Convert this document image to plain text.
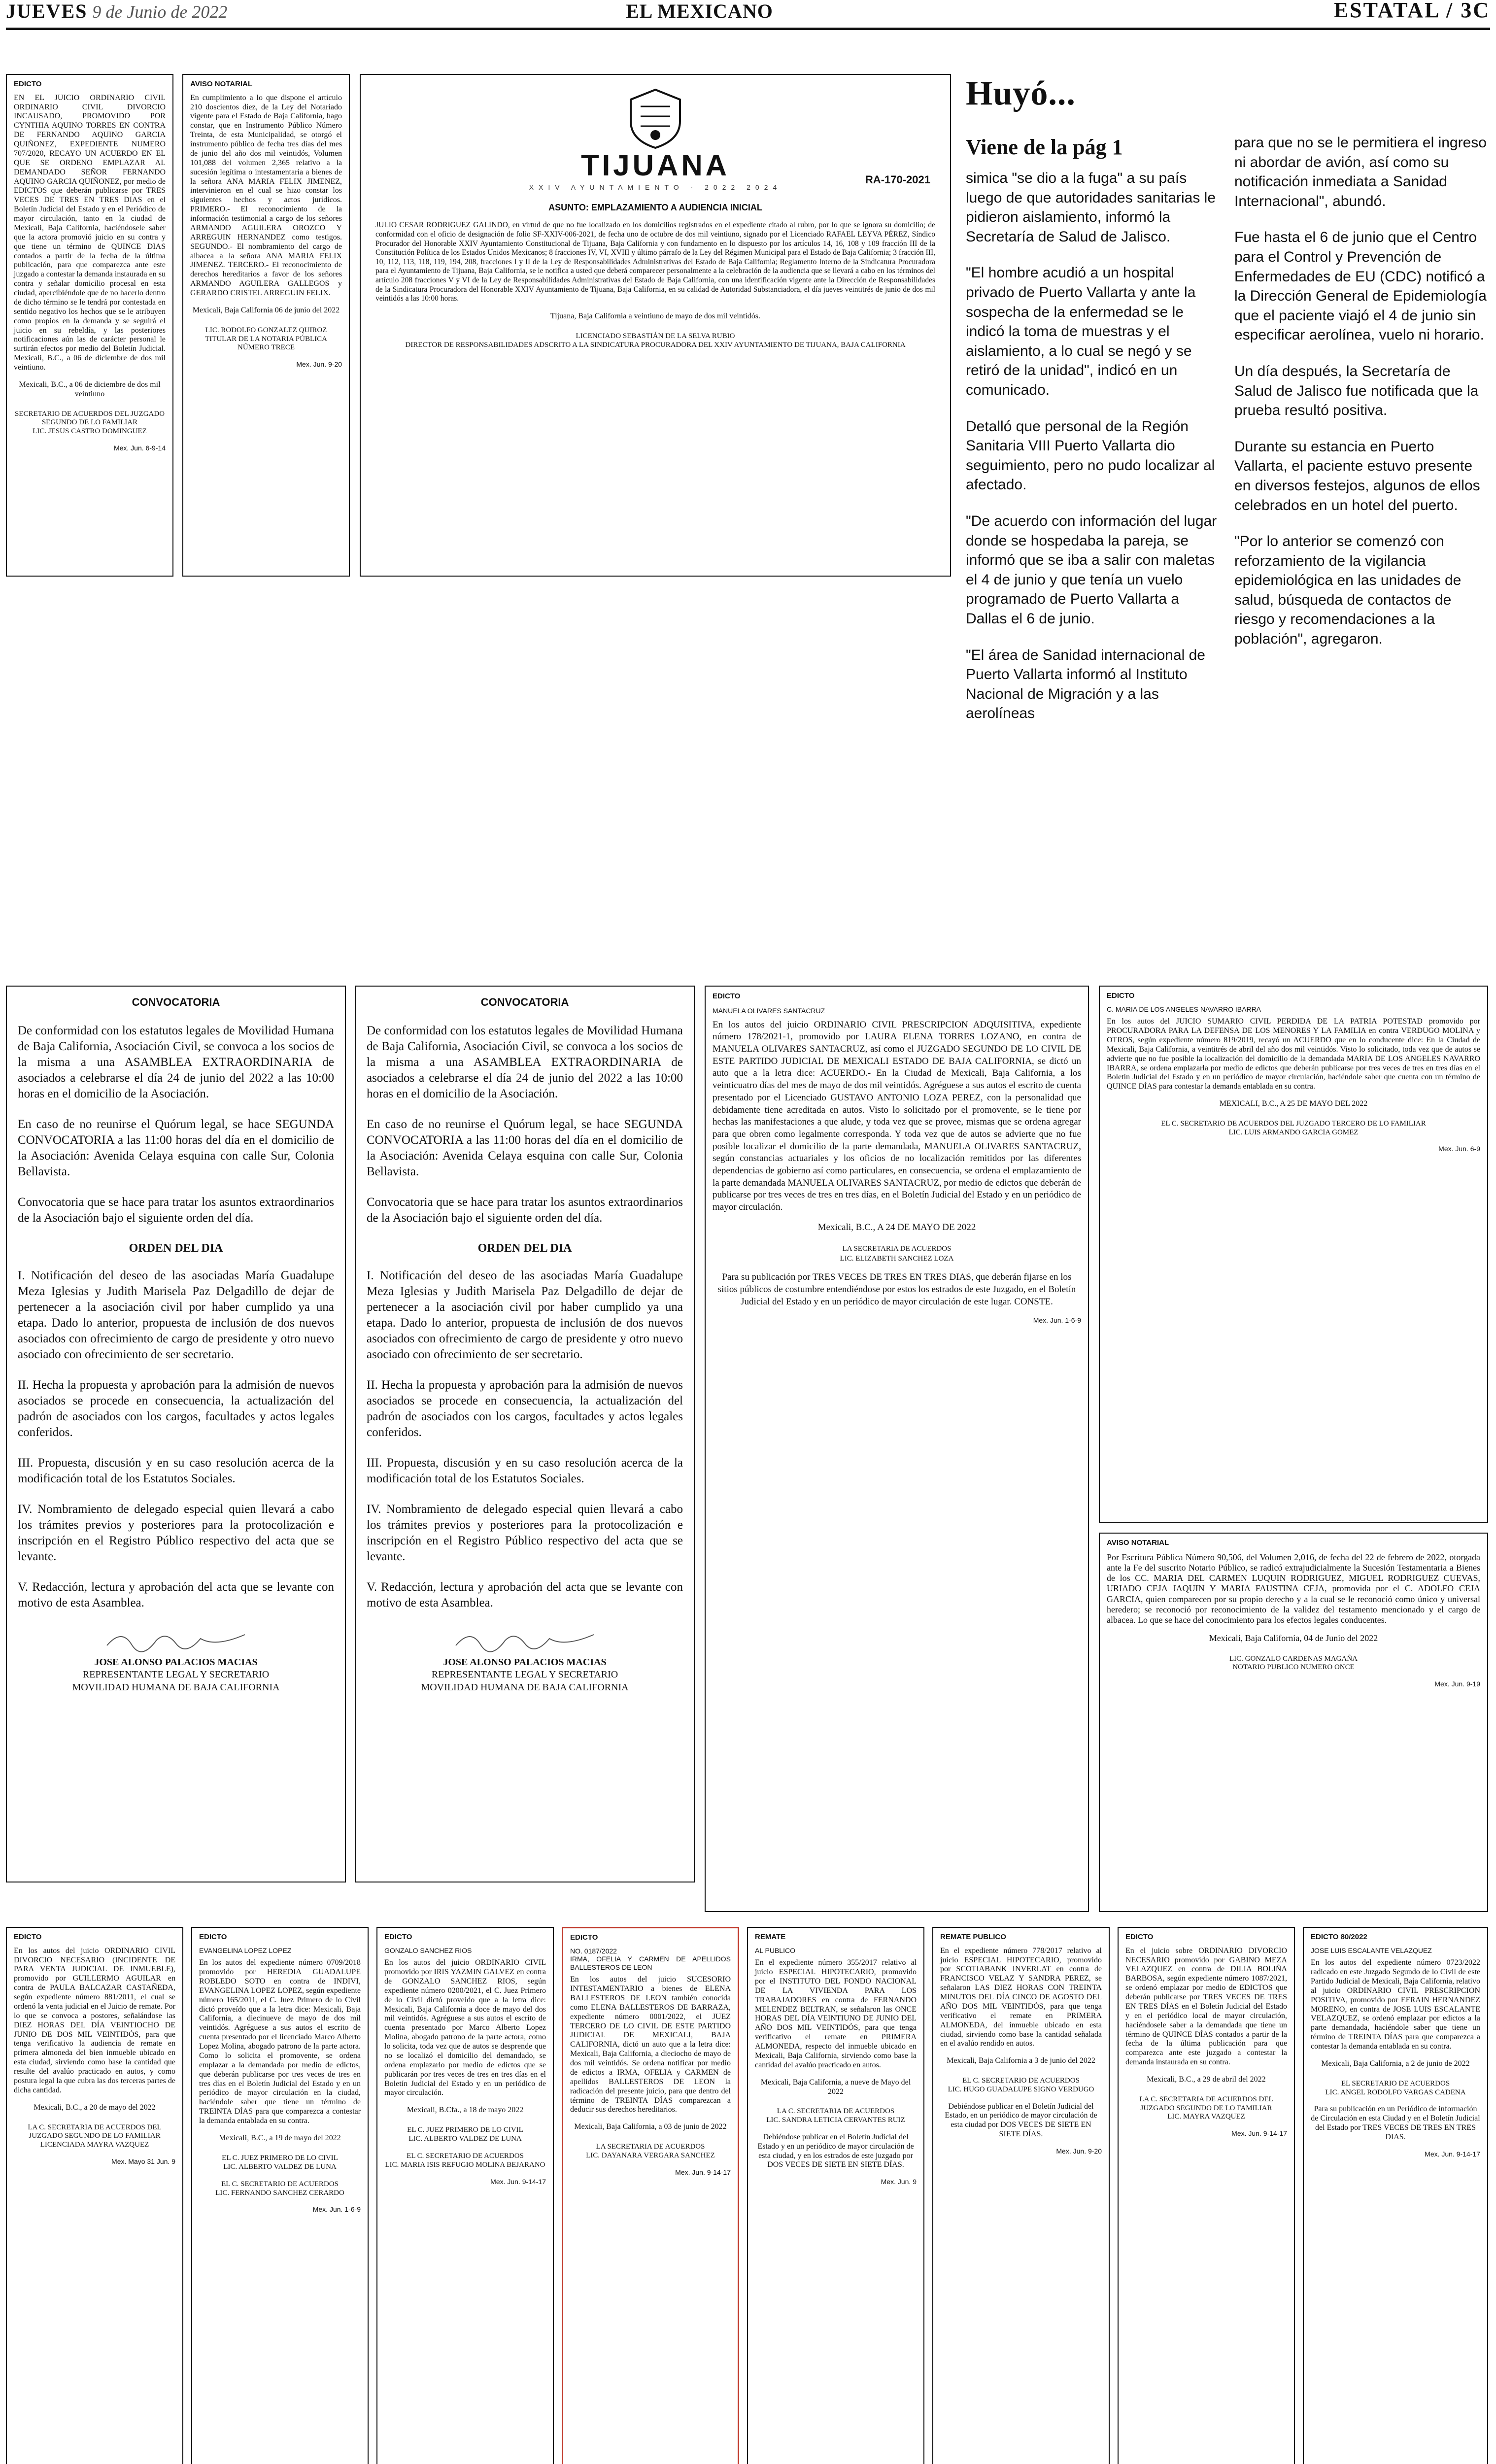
JUEVES 9 de Junio de 2022	EL MEXICANO	ESTATAL / 3C
EDICTO
EN EL JUICIO ORDINARIO CIVIL ORDINARIO CIVIL DIVORCIO INCAUSADO, PROMOVIDO POR CYNTHIA AQUINO TORRES EN CONTRA DE FERNANDO AQUINO GARCIA QUIÑONEZ, EXPEDIENTE NUMERO 707/2020, RECAYO UN ACUERDO EN EL QUE SE ORDENO EMPLAZAR AL DEMANDADO SEÑOR FERNANDO AQUINO GARCIA QUIÑONEZ, por medio de EDICTOS que deberán publicarse por TRES VECES DE TRES EN TRES DIAS en el Boletín Judicial del Estado y en el Periódico de mayor circulación, tanto en la ciudad de Mexicali, Baja California, haciéndosele saber que la actora promovió juicio en su contra y que tiene un término de QUINCE DIAS contados a partir de la fecha de la última publicación, para que comparezca ante este juzgado a contestar la demanda instaurada en su contra y señalar domicilio procesal en esta ciudad, apercibiéndole que de no hacerlo dentro de dicho término se le tendrá por contestada en sentido negativo los hechos que se le atribuyen como propios en la demanda y se seguirá el juicio en su rebeldía, y las posteriores notificaciones aún las de carácter personal le surtirán efectos por medio del Boletín Judicial. Mexicali, B.C., a 06 de diciembre de dos mil veintiuno.
Mexicali, B.C., a 06 de diciembre de dos mil veintiuno
SECRETARIO DE ACUERDOS DEL JUZGADO SEGUNDO DE LO FAMILIAR
LIC. JESUS CASTRO DOMINGUEZ
Mex. Jun. 6-9-14
AVISO NOTARIAL
En cumplimiento a lo que dispone el artículo 210 doscientos diez, de la Ley del Notariado vigente para el Estado de Baja California, hago constar, que en Instrumento Público Número Treinta, de esta Municipalidad, se otorgó el instrumento público de fecha tres días del mes de junio del año dos mil veintidós, Volumen 101,088 del volumen 2,365 relativo a la sucesión legítima o intestamentaria a bienes de la señora ANA MARIA FELIX JIMENEZ, intervinieron en el cual se hizo constar los siguientes hechos y actos jurídicos. PRIMERO.- El reconocimiento de la información testimonial a cargo de los señores ARMANDO AGUILERA OROZCO Y ARREGUIN HERNANDEZ como testigos. SEGUNDO.- El nombramiento del cargo de albacea a la señora ANA MARIA FELIX JIMENEZ. TERCERO.- El reconocimiento de derechos hereditarios a favor de los señores ARMANDO AGUILERA GALLEGOS y GERARDO CRISTEL ARREGUIN FELIX.
Mexicali, Baja California 06 de junio del 2022
LIC. RODOLFO GONZALEZ QUIROZ
TITULAR DE LA NOTARIA PÚBLICA NÚMERO TRECE
Mex. Jun. 9-20
TIJUANA
XXIV AYUNTAMIENTO · 2022 2024
RA-170-2021
ASUNTO: EMPLAZAMIENTO A AUDIENCIA INICIAL
JULIO CESAR RODRIGUEZ GALINDO, en virtud de que no fue localizado en los domicilios registrados en el expediente citado al rubro, por lo que se ignora su domicilio; de conformidad con el oficio de designación de folio SF-XXIV-006-2021, de fecha uno de octubre de dos mil veintiuno, signado por el Licenciado RAFAEL LEYVA PÉREZ, Síndico Procurador del Honorable XXIV Ayuntamiento Constitucional de Tijuana, Baja California y con fundamento en lo dispuesto por los artículos 14, 16, 108 y 109 fracción III de la Constitución Política de los Estados Unidos Mexicanos; 8 fracciones IV, VI, XVIII y último párrafo de la Ley del Régimen Municipal para el Estado de Baja California; 3 fracción III, 10, 112, 113, 118, 119, 194, 208, fracciones I y II de la Ley de Responsabilidades Administrativas del Estado de Baja California; Reglamento Interno de la Sindicatura Procuradora para el Ayuntamiento de Tijuana, Baja California, se le notifica a usted que deberá comparecer personalmente a la celebración de la audiencia que se llevará a cabo en los términos del artículo 208 fracciones V y VI de la Ley de Responsabilidades Administrativas del Estado de Baja California, con una identificación vigente ante la Dirección de Responsabilidades de la Sindicatura Procuradora del Honorable XXIV Ayuntamiento de Tijuana, Baja California, en su calidad de Autoridad Substanciadora, el día jueves veintitrés de junio de dos mil veintidós a las 10:00 horas.
Tijuana, Baja California a veintiuno de mayo de dos mil veintidós.
LICENCIADO SEBASTIÁN DE LA SELVA RUBIO
DIRECTOR DE RESPONSABILIDADES ADSCRITO A LA SINDICATURA PROCURADORA DEL XXIV AYUNTAMIENTO DE TIJUANA, BAJA CALIFORNIA
Huyó...
Viene de la pág 1

simica "se dio a la fuga" a su país luego de que autoridades sanitarias le pidieron aislamiento, informó la Secretaría de Salud de Jalisco.

"El hombre acudió a un hospital privado de Puerto Vallarta y ante la sospecha de la enfermedad se le indicó la toma de muestras y el aislamiento, a lo cual se negó y se retiró de la unidad", indicó en un comunicado.

Detalló que personal de la Región Sanitaria VIII Puerto Vallarta dio seguimiento, pero no pudo localizar al afectado.

"De acuerdo con información del lugar donde se hospedaba la pareja, se informó que se iba a salir con maletas el 4 de junio y que tenía un vuelo programado de Puerto Vallarta a Dallas el 6 de junio.

"El área de Sanidad internacional de Puerto Vallarta informó al Instituto Nacional de Migración y a las aerolíneas

para que no se le permitiera el ingreso ni abordar de avión, así como su notificación inmediata a Sanidad Internacional", abundó.

Fue hasta el 6 de junio que el Centro para el Control y Prevención de Enfermedades de EU (CDC) notificó a la Dirección General de Epidemiología que el paciente viajó el 4 de junio sin especificar aerolínea, vuelo ni horario.

Un día después, la Secretaría de Salud de Jalisco fue notificada que la prueba resultó positiva.

Durante su estancia en Puerto Vallarta, el paciente estuvo presente en diversos festejos, algunos de ellos celebrados en un hotel del puerto.

"Por lo anterior se comenzó con reforzamiento de la vigilancia epidemiológica en las unidades de salud, búsqueda de contactos de riesgo y recomendaciones a la población", agregaron.

CONVOCATORIA
De conformidad con los estatutos legales de Movilidad Humana de Baja California, Asociación Civil, se convoca a los socios de la misma a una ASAMBLEA EXTRAORDINARIA de asociados a celebrarse el día 24 de junio del 2022 a las 10:00 horas en el domicilio de la Asociación.
En caso de no reunirse el Quórum legal, se hace SEGUNDA CONVOCATORIA a las 11:00 horas del día en el domicilio de la Asociación: Avenida Celaya esquina con calle Sur, Colonia Bellavista.
Convocatoria que se hace para tratar los asuntos extraordinarios de la Asociación bajo el siguiente orden del día.
ORDEN DEL DIA
I. Notificación del deseo de las asociadas María Guadalupe Meza Iglesias y Judith Marisela Paz Delgadillo de dejar de pertenecer a la asociación civil por haber cumplido ya una etapa. Dado lo anterior, propuesta de inclusión de dos nuevos asociados con ofrecimiento de cargo de presidente y otro nuevo asociado con ofrecimiento de ser secretario.
II. Hecha la propuesta y aprobación para la admisión de nuevos asociados se procede en consecuencia, la actualización del padrón de asociados con los cargos, facultades y actos legales conferidos.
III. Propuesta, discusión y en su caso resolución acerca de la modificación total de los Estatutos Sociales.
IV. Nombramiento de delegado especial quien llevará a cabo los trámites previos y posteriores para la protocolización e inscripción en el Registro Público respectivo del acta que se levante.
V. Redacción, lectura y aprobación del acta que se levante con motivo de esta Asamblea.
JOSE ALONSO PALACIOS MACIAS
REPRESENTANTE LEGAL Y SECRETARIO
MOVILIDAD HUMANA DE BAJA CALIFORNIA
CONVOCATORIA
De conformidad con los estatutos legales de Movilidad Humana de Baja California, Asociación Civil, se convoca a los socios de la misma a una ASAMBLEA EXTRAORDINARIA de asociados a celebrarse el día 24 de junio del 2022 a las 10:00 horas en el domicilio de la Asociación.
En caso de no reunirse el Quórum legal, se hace SEGUNDA CONVOCATORIA a las 11:00 horas del día en el domicilio de la Asociación: Avenida Celaya esquina con calle Sur, Colonia Bellavista.
Convocatoria que se hace para tratar los asuntos extraordinarios de la Asociación bajo el siguiente orden del día.
ORDEN DEL DIA
I. Notificación del deseo de las asociadas María Guadalupe Meza Iglesias y Judith Marisela Paz Delgadillo de dejar de pertenecer a la asociación civil por haber cumplido ya una etapa. Dado lo anterior, propuesta de inclusión de dos nuevos asociados con ofrecimiento de cargo de presidente y otro nuevo asociado con ofrecimiento de ser secretario.
II. Hecha la propuesta y aprobación para la admisión de nuevos asociados se procede en consecuencia, la actualización del padrón de asociados con los cargos, facultades y actos legales conferidos.
III. Propuesta, discusión y en su caso resolución acerca de la modificación total de los Estatutos Sociales.
IV. Nombramiento de delegado especial quien llevará a cabo los trámites previos y posteriores para la protocolización e inscripción en el Registro Público respectivo del acta que se levante.
V. Redacción, lectura y aprobación del acta que se levante con motivo de esta Asamblea.
JOSE ALONSO PALACIOS MACIAS
REPRESENTANTE LEGAL Y SECRETARIO
MOVILIDAD HUMANA DE BAJA CALIFORNIA
EDICTO
MANUELA OLIVARES SANTACRUZ
En los autos del juicio ORDINARIO CIVIL PRESCRIPCION ADQUISITIVA, expediente número 178/2021-1, promovido por LAURA ELENA TORRES LOZANO, en contra de MANUELA OLIVARES SANTACRUZ, así como el JUZGADO SEGUNDO DE LO CIVIL DE ESTE PARTIDO JUDICIAL DE MEXICALI ESTADO DE BAJA CALIFORNIA, se dictó un auto que a la letra dice: ACUERDO.- En la Ciudad de Mexicali, Baja California, a los veinticuatro días del mes de mayo de dos mil veintidós. Agréguese a sus autos el escrito de cuenta presentado por el Licenciado GUSTAVO ANTONIO LOZA PEREZ, con la personalidad que debidamente tiene acreditada en autos. Visto lo solicitado por el promovente, se le tiene por hechas las manifestaciones a que alude, y toda vez que se provee, mismas que se ordena agregar para que obren como legalmente corresponda. Y toda vez que de autos se advierte que no fue posible localizar el domicilio de la parte demandada, MANUELA OLIVARES SANTACRUZ, según constancias actuariales y los oficios de no localización remitidos por las diferentes dependencias de gobierno así como particulares, en consecuencia, se ordena el emplazamiento de la parte demandada MANUELA OLIVARES SANTACRUZ, por medio de edictos que deberán de publicarse por tres veces de tres en tres días, en el Boletín Judicial del Estado y en un periódico de mayor circulación.
Mexicali, B.C., A 24 DE MAYO DE 2022
LA SECRETARIA DE ACUERDOS
LIC. ELIZABETH SANCHEZ LOZA
Para su publicación por TRES VECES DE TRES EN TRES DIAS, que deberán fijarse en los sitios públicos de costumbre entendiéndose por estos los estrados de este Juzgado, en el Boletín Judicial del Estado y en un periódico de mayor circulación de este lugar. CONSTE.
Mex. Jun. 1-6-9
EDICTO
C. MARIA DE LOS ANGELES NAVARRO IBARRA
En los autos del JUICIO SUMARIO CIVIL PERDIDA DE LA PATRIA POTESTAD promovido por PROCURADORA PARA LA DEFENSA DE LOS MENORES Y LA FAMILIA en contra VERDUGO MOLINA y OTROS, según expediente número 819/2019, recayó un ACUERDO que en lo conducente dice: En la Ciudad de Mexicali, Baja California, a veintitrés de abril del año dos mil veintidós. Visto lo solicitado, toda vez que de autos se advierte que no fue posible la localización del domicilio de la demandada MARIA DE LOS ANGELES NAVARRO IBARRA, se ordena emplazarla por medio de edictos que deberán publicarse por tres veces de tres en tres días en el Boletín Judicial del Estado y en un periódico de mayor circulación, haciéndole saber que cuenta con un término de QUINCE DÍAS para contestar la demanda entablada en su contra.
MEXICALI, B.C., A 25 DE MAYO DEL 2022
EL C. SECRETARIO DE ACUERDOS DEL JUZGADO TERCERO DE LO FAMILIAR
LIC. LUIS ARMANDO GARCIA GOMEZ
Mex. Jun. 6-9
AVISO NOTARIAL
Por Escritura Pública Número 90,506, del Volumen 2,016, de fecha del 22 de febrero de 2022, otorgada ante la Fe del suscrito Notario Público, se radicó extrajudicialmente la Sucesión Testamentaria a Bienes de los CC. MARIA DEL CARMEN LUQUIN RODRIGUEZ, MIGUEL RODRIGUEZ CUEVAS, URIADO CEJA JAQUIN Y MARIA FAUSTINA CEJA, promovida por el C. ADOLFO CEJA GARCIA, quien comparecen por su propio derecho y a la cual se le reconoció como único y universal heredero; se reconoció por reconocimiento de la validez del testamento mencionado y el cargo de albacea. Lo que se hace del conocimiento para los efectos legales conducentes.
Mexicali, Baja California, 04 de Junio del 2022
LIC. GONZALO CARDENAS MAGAÑA
NOTARIO PUBLICO NUMERO ONCE
Mex. Jun. 9-19
EDICTO
En los autos del juicio ORDINARIO CIVIL DIVORCIO NECESARIO (INCIDENTE DE PARA VENTA JUDICIAL DE INMUEBLE), promovido por GUILLERMO AGUILAR en contra de PAULA BALCAZAR CASTAÑEDA, según expediente número 881/2011, el cual se ordenó la venta judicial en el Juicio de remate. Por lo que se convoca a postores, señalándose las DIEZ HORAS DEL DÍA VEINTIOCHO DE JUNIO DE DOS MIL VEINTIDÓS, para que tenga verificativo la audiencia de remate en primera almoneda del bien inmueble ubicado en esta ciudad, sirviendo como base la cantidad que resulte del avalúo practicado en autos, y como postura legal la que cubra las dos terceras partes de dicha cantidad.
Mexicali, B.C., a 20 de mayo del 2022
LA C. SECRETARIA DE ACUERDOS DEL JUZGADO SEGUNDO DE LO FAMILIAR
LICENCIADA MAYRA VAZQUEZ
Mex. Mayo 31 Jun. 9
EDICTO
EVANGELINA LOPEZ LOPEZ
En los autos del expediente número 0709/2018 promovido por HEREDIA GUADALUPE ROBLEDO SOTO en contra de INDIVI, EVANGELINA LOPEZ LOPEZ, según expediente número 165/2011, el C. Juez Primero de lo Civil dictó proveído que a la letra dice: Mexicali, Baja California, a diecinueve de mayo de dos mil veintidós. Agréguese a sus autos el escrito de cuenta presentado por el licenciado Marco Alberto Lopez Molina, abogado patrono de la parte actora. Como lo solicita el promovente, se ordena emplazar a la demandada por medio de edictos, que deberán publicarse por tres veces de tres en tres días en el Boletín Judicial del Estado y en un periódico de mayor circulación en la ciudad, haciéndole saber que tiene un término de TREINTA DÍAS para que comparezca a contestar la demanda entablada en su contra.
Mexicali, B.C., a 19 de mayo del 2022
EL C. JUEZ PRIMERO DE LO CIVIL
LIC. ALBERTO VALDEZ DE LUNA

EL C. SECRETARIO DE ACUERDOS
LIC. FERNANDO SANCHEZ CERARDO
Mex. Jun. 1-6-9
EDICTO
GONZALO SANCHEZ RIOS
En los autos del juicio ORDINARIO CIVIL promovido por IRIS YAZMIN GALVEZ en contra de GONZALO SANCHEZ RIOS, según expediente número 0200/2021, el C. Juez Primero de lo Civil dictó proveído que a la letra dice: Mexicali, Baja California a doce de mayo del dos mil veintidós. Agréguese a sus autos el escrito de cuenta presentado por Marco Alberto Lopez Molina, abogado patrono de la parte actora, como lo solicita, toda vez que de autos se desprende que no se localizó el domicilio del demandado, se ordena emplazarlo por medio de edictos que se publicarán por tres veces de tres en tres días en el Boletín Judicial del Estado y en un periódico de mayor circulación.
Mexicali, B.Cfa., a 18 de mayo 2022
EL C. JUEZ PRIMERO DE LO CIVIL
LIC. ALBERTO VALDEZ DE LUNA

EL C. SECRETARIO DE ACUERDOS
LIC. MARIA ISIS REFUGIO MOLINA BEJARANO
Mex. Jun. 9-14-17
EDICTO
NO. 0187/2022
IRMA, OFELIA Y CARMEN DE APELLIDOS BALLESTEROS DE LEON
En los autos del juicio SUCESORIO INTESTAMENTARIO a bienes de ELENA BALLESTEROS DE LEON también conocida como ELENA BALLESTEROS DE BARRAZA, expediente número 0001/2022, el JUEZ TERCERO DE LO CIVIL DE ESTE PARTIDO JUDICIAL DE MEXICALI, BAJA CALIFORNIA, dictó un auto que a la letra dice: Mexicali, Baja California, a dieciocho de mayo de dos mil veintidós. Se ordena notificar por medio de edictos a IRMA, OFELIA y CARMEN de apellidos BALLESTEROS DE LEON la radicación del presente juicio, para que dentro del término de TREINTA DÍAS comparezcan a deducir sus derechos hereditarios.
Mexicali, Baja California, a 03 de junio de 2022
LA SECRETARIA DE ACUERDOS
LIC. DAYANARA VERGARA SANCHEZ
Mex. Jun. 9-14-17
REMATE
AL PUBLICO
En el expediente número 355/2017 relativo al juicio ESPECIAL HIPOTECARIO, promovido por el INSTITUTO DEL FONDO NACIONAL DE LA VIVIENDA PARA LOS TRABAJADORES en contra de FERNANDO MELENDEZ BELTRAN, se señalaron las ONCE HORAS DEL DÍA VEINTIUNO DE JUNIO DEL AÑO DOS MIL VEINTIDÓS, para que tenga verificativo el remate en PRIMERA ALMONEDA, respecto del inmueble ubicado en Mexicali, Baja California, sirviendo como base la cantidad del avalúo practicado en autos.
Mexicali, Baja California, a nueve de Mayo del 2022
LA C. SECRETARIA DE ACUERDOS
LIC. SANDRA LETICIA CERVANTES RUIZ
Debiéndose publicar en el Boletín Judicial del Estado y en un periódico de mayor circulación de esta ciudad, y en los estrados de este juzgado por DOS VECES DE SIETE EN SIETE DÍAS.
Mex. Jun. 9
REMATE PUBLICO
En el expediente número 778/2017 relativo al juicio ESPECIAL HIPOTECARIO, promovido por SCOTIABANK INVERLAT en contra de FRANCISCO VELAZ Y SANDRA PEREZ, se señalaron LAS DIEZ HORAS CON TREINTA MINUTOS DEL DÍA CINCO DE AGOSTO DEL AÑO DOS MIL VEINTIDÓS, para que tenga verificativo el remate en PRIMERA ALMONEDA, del inmueble ubicado en esta ciudad, sirviendo como base la cantidad señalada en el avalúo rendido en autos.
Mexicali, Baja California a 3 de junio del 2022
EL C. SECRETARIO DE ACUERDOS
LIC. HUGO GUADALUPE SIGNO VERDUGO
Debiéndose publicar en el Boletín Judicial del Estado, en un periódico de mayor circulación de esta ciudad por DOS VECES DE SIETE EN SIETE DÍAS.
Mex. Jun. 9-20
EDICTO
En el juicio sobre ORDINARIO DIVORCIO NECESARIO promovido por GABINO MEZA VELAZQUEZ en contra de DILIA BOLIÑA BARBOSA, según expediente número 1087/2021, se ordenó emplazar por medio de EDICTOS que deberán publicarse por TRES VECES DE TRES EN TRES DÍAS en el Boletín Judicial del Estado y en el periódico local de mayor circulación, haciéndosele saber a la demandada que tiene un término de QUINCE DÍAS contados a partir de la fecha de la última publicación para que comparezca ante este juzgado a contestar la demanda instaurada en su contra.
Mexicali, B.C., a 29 de abril del 2022
LA C. SECRETARIA DE ACUERDOS DEL JUZGADO SEGUNDO DE LO FAMILIAR
LIC. MAYRA VAZQUEZ
Mex. Jun. 9-14-17
EDICTO 80/2022
JOSE LUIS ESCALANTE VELAZQUEZ
En los autos del expediente número 0723/2022 radicado en este Juzgado Segundo de lo Civil de este Partido Judicial de Mexicali, Baja California, relativo al juicio ORDINARIO CIVIL PRESCRIPCION POSITIVA, promovido por EFRAIN HERNANDEZ MORENO, en contra de JOSE LUIS ESCALANTE VELAZQUEZ, se ordenó emplazar por edictos a la parte demandada, haciéndole saber que tiene un término de TREINTA DÍAS para que comparezca a contestar la demanda entablada en su contra.
Mexicali, Baja California, a 2 de junio de 2022
EL SECRETARIO DE ACUERDOS
LIC. ANGEL RODOLFO VARGAS CADENA
Para su publicación en un Periódico de información de Circulación en esta Ciudad y en el Boletín Judicial del Estado por TRES VECES DE TRES EN TRES DIAS.
Mex. Jun. 9-14-17
